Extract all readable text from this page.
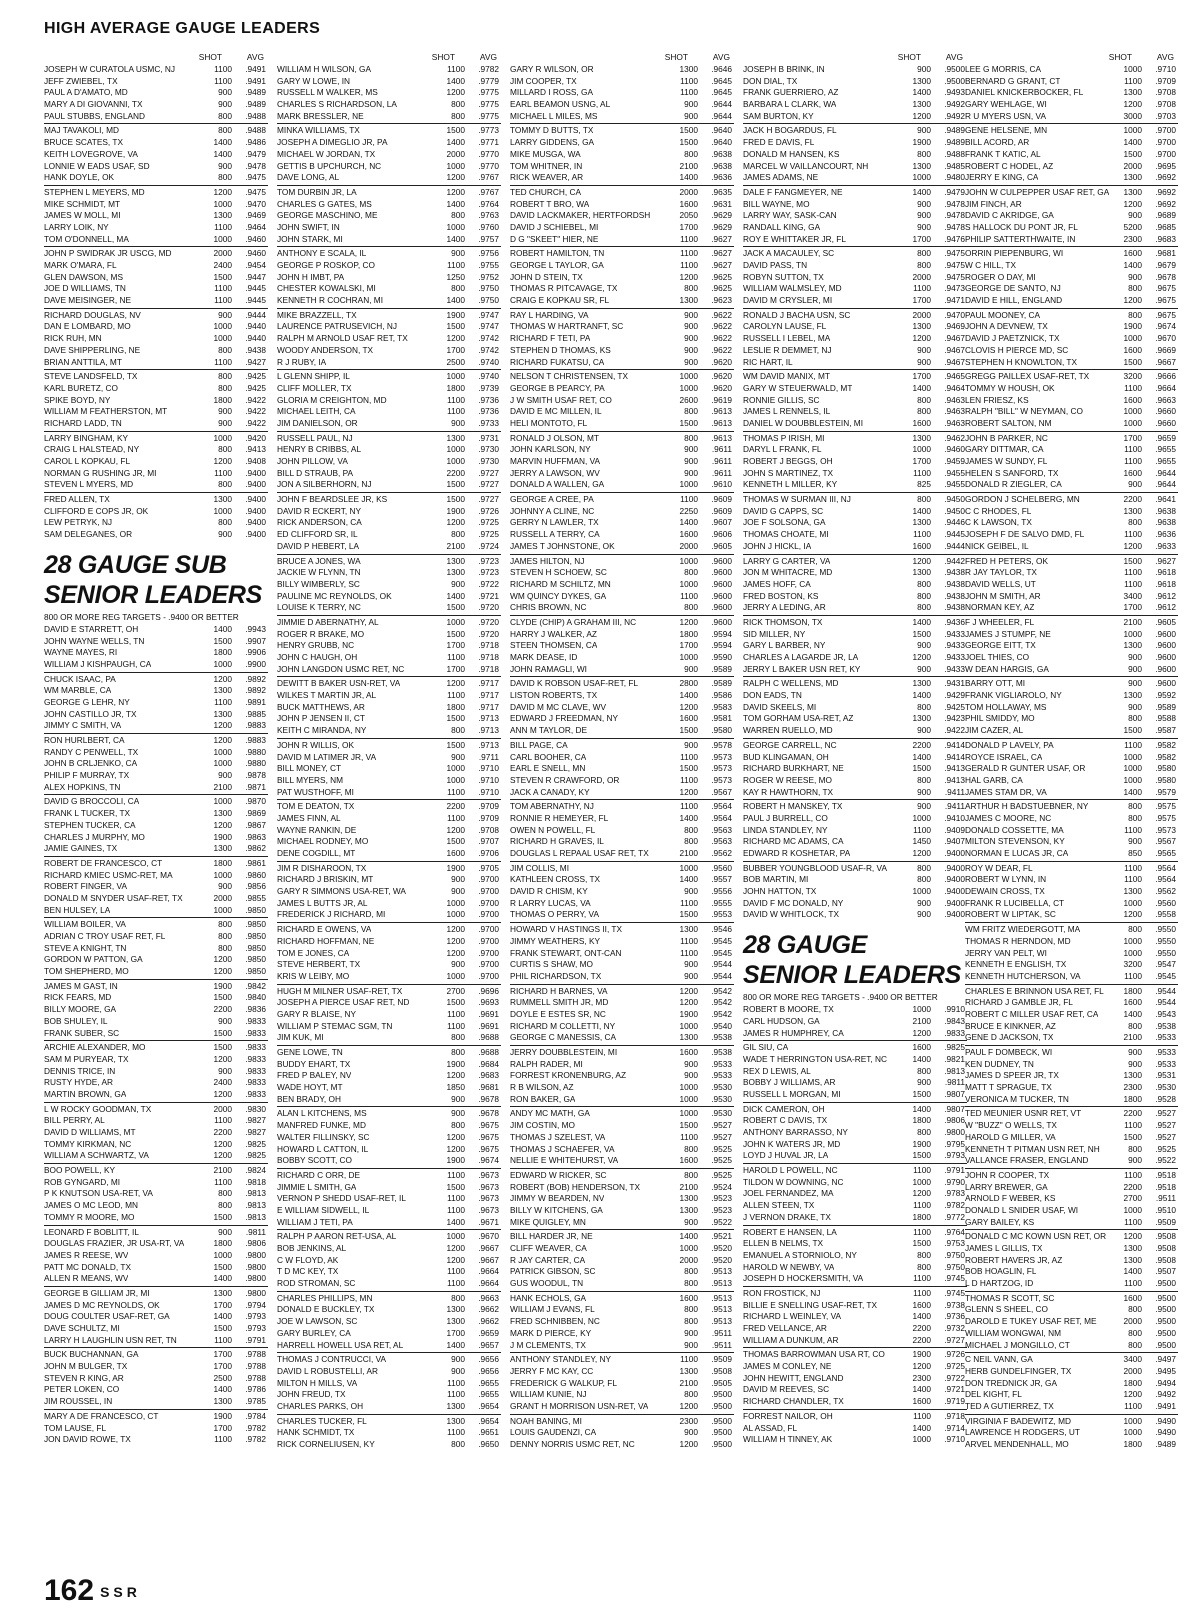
HIGH AVERAGE GAUGE LEADERS
SHOT	AVG
JOSEPH W CURATOLA USMC, NJ	1100	.9491
JEFF ZWIEBEL, TX	1100	.9491
PAUL A D'AMATO, MD	900	.9489
MARY A DI GIOVANNI, TX	900	.9489
PAUL STUBBS, ENGLAND	800	.9488
MAJ TAVAKOLI, MD	800	.9488
BRUCE SCATES, TX	1400	.9486
KEITH LOVEGROVE, VA	1400	.9479
LONNIE W EADS USAF, SD	900	.9478
HANK DOYLE, OK	800	.9475
STEPHEN L MEYERS, MD	1200	.9475
MIKE SCHMIDT, MT	1000	.9470
JAMES W MOLL, MI	1300	.9469
LARRY LOIK, NY	1100	.9464
TOM O'DONNELL, MA	1000	.9460
JOHN P SWIDRAK JR USCG, MD	2000	.9460
MARK O'MARA, FL	2400	.9454
GLEN DAWSON, MS	1500	.9447
JOE D WILLIAMS, TN	1100	.9445
DAVE MEISINGER, NE	1100	.9445
RICHARD DOUGLAS, NV	900	.9444
DAN E LOMBARD, MO	1000	.9440
RICK RUH, MN	1000	.9440
DAVE SHIPPERLING, NE	800	.9438
BRIAN ANTTILA, MT	1100	.9427
STEVE LANDSFELD, TX	800	.9425
KARL BURETZ, CO	800	.9425
SPIKE BOYD, NY	1800	.9422
WILLIAM M FEATHERSTON, MT	900	.9422
RICHARD LADD, TN	900	.9422
LARRY BINGHAM, KY	1000	.9420
CRAIG L HALSTEAD, NY	800	.9413
CAROL L KOPKAU, FL	1200	.9408
NORMAN G RUSHING JR, MI	1100	.9400
STEVEN L MYERS, MD	800	.9400
FRED ALLEN, TX	1300	.9400
CLIFFORD E COPS JR, OK	1000	.9400
LEW PETRYK, NJ	800	.9400
SAM DELEGANES, OR	900	.9400
28 GAUGE SUB
SENIOR LEADERS
800 OR MORE REG TARGETS - .9400 OR BETTER
DAVID E STARRETT, OH	1400	.9943
JOHN WAYNE WELLS, TN	1500	.9907
WAYNE MAYES, RI	1800	.9906
WILLIAM J KISHPAUGH, CA	1000	.9900
CHUCK ISAAC, PA	1200	.9892
WM MARBLE, CA	1300	.9892
GEORGE G LEHR, NY	1100	.9891
JOHN CASTILLO JR, TX	1300	.9885
JIMMY C SMITH, VA	1200	.9883
RON HURLBERT, CA	1200	.9883
RANDY C PENWELL, TX	1000	.9880
JOHN B CRLJENKO, CA	1000	.9880
PHILIP F MURRAY, TX	900	.9878
ALEX HOPKINS, TN	2100	.9871
DAVID G BROCCOLI, CA	1000	.9870
FRANK L TUCKER, TX	1300	.9869
STEPHEN TUCKER, CA	1200	.9867
CHARLES J MURPHY, MO	1900	.9863
JAMIE GAINES, TX	1300	.9862
ROBERT DE FRANCESCO, CT	1800	.9861
RICHARD KMIEC USMC-RET, MA	1000	.9860
ROBERT FINGER, VA	900	.9856
DONALD M SNYDER USAF-RET, TX	2000	.9855
BEN HULSEY, LA	1000	.9850
WILLIAM BOILER, VA	800	.9850
ADRIAN C TROY USAF RET, FL	800	.9850
STEVE A KNIGHT, TN	800	.9850
GORDON W PATTON, GA	1200	.9850
TOM SHEPHERD, MO	1200	.9850
JAMES M GAST, IN	1900	.9842
RICK FEARS, MD	1500	.9840
BILLY MOORE, GA	2200	.9836
BOB SHULEY, IL	900	.9833
FRANK SUBER, SC	1500	.9833
ARCHIE ALEXANDER, MO	1500	.9833
SAM M PURYEAR, TX	1200	.9833
DENNIS TRICE, IN	900	.9833
RUSTY HYDE, AR	2400	.9833
MARTIN BROWN, GA	1200	.9833
L W ROCKY GOODMAN, TX	2000	.9830
BILL PERRY, AL	1100	.9827
DAVID D WILLIAMS, MT	2200	.9827
TOMMY KIRKMAN, NC	1200	.9825
WILLIAM A SCHWARTZ, VA	1200	.9825
BOO POWELL, KY	2100	.9824
ROB GYNGARD, MI	1100	.9818
P K KNUTSON USA-RET, VA	800	.9813
JAMES O MC LEOD, MN	800	.9813
TOMMY R MOORE, MO	1500	.9813
LEONARD F BOBLITT, IL	900	.9811
DOUGLAS FRAZIER, JR USA-RT, VA	1800	.9806
JAMES R REESE, WV	1000	.9800
PATT MC DONALD, TX	1500	.9800
ALLEN R MEANS, WV	1400	.9800
GEORGE B GILLIAM JR, MI	1300	.9800
JAMES D MC REYNOLDS, OK	1700	.9794
DOUG COULTER USAF-RET, GA	1400	.9793
DAVE SCHULTZ, MI	1500	.9793
LARRY H LAUGHLIN USN RET, TN	1100	.9791
BUCK BUCHANNAN, GA	1700	.9788
JOHN M BULGER, TX	1700	.9788
STEVEN R KING, AR	2500	.9788
PETER LOKEN, CO	1400	.9786
JIM ROUSSEL, IN	1300	.9785
MARY A DE FRANCESCO, CT	1900	.9784
TOM LAUSE, FL	1700	.9782
JON DAVID ROWE, TX	1100	.9782
SHOT	AVG
WILLIAM H WILSON, GA	1100	.9782
GARY W LOWE, IN	1400	.9779
RUSSELL M WALKER, MS	1200	.9775
CHARLES S RICHARDSON, LA	800	.9775
MARK BRESSLER, NE	800	.9775
MINKA WILLIAMS, TX	1500	.9773
JOSEPH A DIMEGLIO JR, PA	1400	.9771
MICHAEL W JORDAN, TX	2000	.9770
GETTIS B UPCHURCH, NC	1000	.9770
DAVE LONG, AL	1200	.9767
TOM DURBIN JR, LA	1200	.9767
CHARLES G GATES, MS	1400	.9764
GEORGE MASCHINO, ME	800	.9763
JOHN SWIFT, IN	1000	.9760
JOHN STARK, MI	1400	.9757
ANTHONY E SCALA, IL	900	.9756
GEORGE P ROSKOP, CO	1100	.9755
JOHN H IMBT, PA	1250	.9752
CHESTER KOWALSKI, MI	800	.9750
KENNETH R COCHRAN, MI	1400	.9750
MIKE BRAZZELL, TX	1900	.9747
LAURENCE PATRUSEVICH, NJ	1500	.9747
RALPH M ARNOLD USAF RET, TX	1200	.9742
WOODY ANDERSON, TX	1700	.9742
R J RUBY, IA	2500	.9740
L GLENN SHIPP, IL	1000	.9740
CLIFF MOLLER, TX	1800	.9739
GLORIA M CREIGHTON, MD	1100	.9736
MICHAEL LEITH, CA	1100	.9736
JIM DANIELSON, OR	900	.9733
RUSSELL PAUL, NJ	1300	.9731
HENRY B CRIBBS, AL	1000	.9730
JOHN PILLOW, VA	1000	.9730
BILL D STRAUB, PA	2200	.9727
JON A SILBERHORN, NJ	1500	.9727
JOHN F BEARDSLEE JR, KS	1500	.9727
DAVID R ECKERT, NY	1900	.9726
RICK ANDERSON, CA	1200	.9725
ED CLIFFORD SR, IL	800	.9725
DAVID P HEBERT, LA	2100	.9724
BRUCE A JONES, WA	1300	.9723
JACKIE W FLYNN, TN	1300	.9723
BILLY WIMBERLY, SC	900	.9722
PAULINE MC REYNOLDS, OK	1400	.9721
LOUISE K TERRY, NC	1500	.9720
JIMMIE D ABERNATHY, AL	1000	.9720
ROGER R BRAKE, MO	1500	.9720
HENRY GRUBB, NC	1700	.9718
JOHN C HAUGH, OH	1100	.9718
JOHN LANGDON USMC RET, NC	1700	.9718
DEWITT B BAKER USN-RET, VA	1200	.9717
WILKES T MARTIN JR, AL	1100	.9717
BUCK MATTHEWS, AR	1800	.9717
JOHN P JENSEN II, CT	1500	.9713
KEITH C MIRANDA, NY	800	.9713
JOHN R WILLIS, OK	1500	.9713
DAVID M LATIMER JR, VA	900	.9711
BILL MONEY, CT	1000	.9710
BILL MYERS, NM	1000	.9710
PAT WUSTHOFF, MI	1100	.9710
TOM E DEATON, TX	2200	.9709
JAMES FINN, AL	1100	.9709
WAYNE RANKIN, DE	1200	.9708
MICHAEL RODNEY, MO	1500	.9707
DENE COGDILL, MT	1600	.9706
JIM R DISHAROON, TX	1900	.9705
RICHARD J BRISKIN, MT	900	.9700
GARY R SIMMONS USA-RET, WA	900	.9700
JAMES L BUTTS JR, AL	1000	.9700
FREDERICK J RICHARD, MI	1000	.9700
RICHARD E OWENS, VA	1200	.9700
RICHARD HOFFMAN, NE	1200	.9700
TOM E JONES, CA	1200	.9700
STEVE HERBERT, TX	900	.9700
KRIS W LEIBY, MO	1000	.9700
HUGH M MILNER USAF-RET, TX	2700	.9696
JOSEPH A PIERCE USAF RET, ND	1500	.9693
GARY R BLAISE, NY	1100	.9691
WILLIAM P STEMAC SGM, TN	1100	.9691
JIM KUK, MI	800	.9688
GENE LOWE, TN	800	.9688
BUDDY EHART, TX	1900	.9684
FRED P BALEY, NV	1200	.9683
WADE HOYT, MT	1850	.9681
BEN BRADY, OH	900	.9678
ALAN L KITCHENS, MS	900	.9678
MANFRED FUNKE, MD	800	.9675
WALTER FILLINSKY, SC	1200	.9675
HOWARD L CATTON, IL	1200	.9675
BOBBY SCOTT, CO	1900	.9674
RICHARD C ORR, DE	1100	.9673
JIMMIE L SMITH, GA	1500	.9673
VERNON P SHEDD USAF-RET, IL	1100	.9673
E WILLIAM SIDWELL, IL	1100	.9673
WILLIAM J TETI, PA	1400	.9671
RALPH P AARON RET-USA, AL	1000	.9670
BOB JENKINS, AL	1200	.9667
C W FLOYD, AK	1200	.9667
T D MC KEY, TX	1100	.9664
ROD STROMAN, SC	1100	.9664
CHARLES PHILLIPS, MN	800	.9663
DONALD E BUCKLEY, TX	1300	.9662
JOE W LAWSON, SC	1300	.9662
GARY BURLEY, CA	1700	.9659
HARRELL HOWELL USA RET, AL	1400	.9657
THOMAS J CONTRUCCI, VA	900	.9656
DAVID L ROBUSTELLI, AR	900	.9656
MILTON H MILLS, VA	1100	.9655
JOHN FREUD, TX	1100	.9655
CHARLES PARKS, OH	1300	.9654
CHARLES TUCKER, FL	1300	.9654
HANK SCHMIDT, TX	1100	.9651
RICK CORNELIUSEN, KY	800	.9650
SHOT	AVG
GARY R WILSON, OR	1300	.9646
JIM COOPER, TX	1100	.9645
MILLARD I ROSS, GA	1100	.9645
EARL BEAMON USNG, AL	900	.9644
MICHAEL L MILES, MS	900	.9644
TOMMY D BUTTS, TX	1500	.9640
LARRY GIDDENS, GA	1500	.9640
MIKE MUSGA, WA	800	.9638
TOM WHITNER, IN	2100	.9638
RICK WEAVER, AR	1400	.9636
TED CHURCH, CA	2000	.9635
ROBERT T BRO, WA	1600	.9631
DAVID LACKMAKER, HERTFORDSH	2050	.9629
DAVID J SCHIEBEL, MI	1700	.9629
D G "SKEET" HIER, NE	1100	.9627
ROBERT HAMILTON, TN	1100	.9627
GEORGE L TAYLOR, GA	1100	.9627
JOHN D STEIN, TX	1200	.9625
THOMAS R PITCAVAGE, TX	800	.9625
CRAIG E KOPKAU SR, FL	1300	.9623
RAY L HARDING, VA	900	.9622
THOMAS W HARTRANFT, SC	900	.9622
RICHARD F TETI, PA	900	.9622
STEPHEN D THOMAS, KS	900	.9622
RICHARD FUKATSU, CA	900	.9620
NELSON T CHRISTENSEN, TX	1000	.9620
GEORGE B PEARCY, PA	1000	.9620
J W SMITH USAF RET, CO	2600	.9619
DAVID E MC MILLEN, IL	800	.9613
HELI MONTOTO, FL	1500	.9613
RONALD J OLSON, MT	800	.9613
JOHN KARLSON, NY	900	.9611
MARVIN HUFFMAN, VA	900	.9611
JERRY A LAWSON, WV	900	.9611
DONALD A WALLEN, GA	1000	.9610
GEORGE A CREE, PA	1100	.9609
JOHNNY A CLINE, NC	2250	.9609
GERRY N LAWLER, TX	1400	.9607
RUSSELL A TERRY, CA	1600	.9606
JAMES T JOHNSTONE, OK	2000	.9605
JAMES HILTON, NJ	1000	.9600
STEVEN H SCHOEW, SC	800	.9600
RICHARD M SCHILTZ, MN	1000	.9600
WM QUINCY DYKES, GA	1100	.9600
CHRIS BROWN, NC	800	.9600
CLYDE (CHIP) A GRAHAM III, NC	1200	.9600
HARRY J WALKER, AZ	1800	.9594
STEEN THOMSEN, CA	1700	.9594
MARK DEASE, ID	1000	.9590
JOHN RAMAGLI, WI	900	.9589
DAVID K ROBSON USAF-RET, FL	2800	.9589
LISTON ROBERTS, TX	1400	.9586
DAVID M MC CLAVE, WV	1200	.9583
EDWARD J FREEDMAN, NY	1600	.9581
ANN M TAYLOR, DE	1500	.9580
BILL PAGE, CA	900	.9578
CARL BOOHER, CA	1100	.9573
EARL E SNELL, MN	1500	.9573
STEVEN R CRAWFORD, OR	1100	.9573
JACK A CANADY, KY	1200	.9567
TOM ABERNATHY, NJ	1100	.9564
RONNIE R HEMEYER, FL	1400	.9564
OWEN N POWELL, FL	800	.9563
RICHARD H GRAVES, IL	800	.9563
DOUGLAS L REPAAL USAF RET, TX	2100	.9562
JIM COLLIS, MI	1000	.9560
KATHLEEN CROSS, TX	1400	.9557
DAVID R CHISM, KY	900	.9556
R LARRY LUCAS, VA	1100	.9555
THOMAS O PERRY, VA	1500	.9553
HOWARD V HASTINGS II, TX	1300	.9546
JIMMY WEATHERS, KY	1100	.9545
FRANK STEWART, ONT-CAN	1100	.9545
CURTIS S SHAW, MO	900	.9544
PHIL RICHARDSON, TX	900	.9544
RICHARD H BARNES, VA	1200	.9542
RUMMELL SMITH JR, MD	1200	.9542
DOYLE E ESTES SR, NC	1900	.9542
RICHARD M COLLETTI, NY	1000	.9540
GEORGE C MANESSIS, CA	1300	.9538
JERRY DOUBBLESTEIN, MI	1600	.9538
RALPH RADER, MI	900	.9533
FORREST KRONENBURG, AZ	900	.9533
R B WILSON, AZ	1000	.9530
RON BAKER, GA	1000	.9530
ANDY MC MATH, GA	1000	.9530
JIM COSTIN, MO	1500	.9527
THOMAS J SZELEST, VA	1100	.9527
THOMAS J SCHAEFER, VA	800	.9525
NELLIE E WHITEHURST, VA	1600	.9525
EDWARD W RICKER, SC	800	.9525
ROBERT (BOB) HENDERSON, TX	2100	.9524
JIMMY W BEARDEN, NV	1300	.9523
BILLY W KITCHENS, GA	1300	.9523
MIKE QUIGLEY, MN	900	.9522
BILL HARDER JR, NE	1400	.9521
CLIFF WEAVER, CA	1000	.9520
R JAY CARTER, CA	2000	.9520
PATRICK GIBSON, SC	800	.9513
GUS WOODUL, TN	800	.9513
HANK ECHOLS, GA	1600	.9513
WILLIAM J EVANS, FL	800	.9513
FRED SCHNIBBEN, NC	800	.9513
MARK D PIERCE, KY	900	.9511
J M CLEMENTS, TX	900	.9511
ANTHONY STANDLEY, NY	1100	.9509
JERRY F MC KAY, CC	1300	.9508
FREDERICK G WALKUP, FL	2100	.9505
WILLIAM KUNIE, NJ	800	.9500
GRANT H MORRISON USN-RET, VA	1200	.9500
NOAH BANING, MI	2300	.9500
LOUIS GAUDENZI, CA	900	.9500
DENNY NORRIS USMC RET, NC	1200	.9500
SHOT	AVG
JOSEPH B BRINK, IN	900	.9500
DON DIAL, TX	1300	.9500
FRANK GUERRIERO, AZ	1400	.9493
BARBARA L CLARK, WA	1300	.9492
SAM BURTON, KY	1200	.9492
JACK H BOGARDUS, FL	900	.9489
FRED E DAVIS, FL	1900	.9489
DONALD M HANSEN, KS	800	.9488
MARCEL W VAILLANCOURT, NH	1300	.9485
JAMES ADAMS, NE	1000	.9480
DALE F FANGMEYER, NE	1400	.9479
BILL WAYNE, MO	900	.9478
LARRY WAY, SASK-CAN	900	.9478
RANDALL KING, GA	900	.9478
ROY E WHITTAKER JR, FL	1700	.9476
JACK A MACAULEY, SC	800	.9475
DAVID PASS, TN	800	.9475
ROBYN SUTTON, TX	2000	.9475
WILLIAM WALMSLEY, MD	1100	.9473
DAVID M CRYSLER, MI	1700	.9471
RONALD J BACHA USN, SC	2000	.9470
CAROLYN LAUSE, FL	1300	.9469
RUSSELL I LEBEL, MA	1200	.9467
LESLIE R DEMMET, NJ	900	.9467
RIC HART, IL	900	.9467
WM DAVID MANIX, MT	1700	.9465
GARY W STEUERWALD, MT	1400	.9464
RONNIE GILLIS, SC	800	.9463
JAMES L RENNELS, IL	800	.9463
DANIEL W DOUBBLESTEIN, MI	1600	.9463
THOMAS P IRISH, MI	1300	.9462
DARYL L FRANK, FL	1000	.9460
ROBERT J BEGGS, OH	1700	.9459
JOHN S MARTINEZ, TX	1100	.9455
KENNETH L MILLER, KY	825	.9455
THOMAS W SURMAN III, NJ	800	.9450
DAVID G CAPPS, SC	1400	.9450
JOE F SOLSONA, GA	1300	.9446
THOMAS CHOATE, MI	1100	.9445
JOHN J HICKL, IA	1600	.9444
LARRY G CARTER, VA	1200	.9442
JON M WHITACRE, MD	1300	.9438
JAMES HOFF, CA	800	.9438
FRED BOSTON, KS	800	.9438
JERRY A LEDING, AR	800	.9438
RICK THOMSON, TX	1400	.9436
SID MILLER, NY	1500	.9433
GARY L BARBER, NY	900	.9433
CHARLES A LAGARDE JR, LA	1200	.9433
JERRY L BAKER USN RET, KY	900	.9433
RALPH C WELLENS, MD	1300	.9431
DON EADS, TN	1400	.9429
DAVID SKEELS, MI	800	.9425
TOM GORHAM USA-RET, AZ	1300	.9423
WARREN RUELLO, MD	900	.9422
GEORGE CARRELL, NC	2200	.9414
BUD KLINGAMAN, OH	1400	.9414
RICHARD BURKHART, NE	1500	.9413
ROGER W REESE, MO	800	.9413
KAY R HAWTHORN, TX	900	.9411
ROBERT H MANSKEY, TX	900	.9411
PAUL J BURRELL, CO	1000	.9410
LINDA STANDLEY, NY	1100	.9409
RICHARD MC ADAMS, CA	1450	.9407
EDWARD R KOSHETAR, PA	1200	.9400
BUBBER YOUNGBLOOD USAF-R, VA	800	.9400
BOB MARTIN, MI	800	.9400
JOHN HATTON, TX	1000	.9400
DAVID F MC DONALD, NY	900	.9400
DAVID W WHITLOCK, TX	900	.9400
28 GAUGE
SENIOR LEADERS
800 OR MORE REG TARGETS - .9400 OR BETTER
ROBERT B MOORE, TX	1000	.9910
CARL HUDSON, GA	2100	.9843
JAMES R HUMPHREY, CA	1200	.9833
GIL SIU, CA	1600	.9825
WADE T HERRINGTON USA-RET, NC	1400	.9821
REX D LEWIS, AL	800	.9813
BOBBY J WILLIAMS, AR	900	.9811
RUSSELL L MORGAN, MI	1500	.9807
DICK CAMERON, OH	1400	.9807
ROBERT C DAVIS, TX	1800	.9806
ANTHONY BARRASSO, NY	800	.9800
JOHN K WATERS JR, MD	1900	.9795
LOYD J HUVAL JR, LA	1500	.9793
HAROLD L POWELL, NC	1100	.9791
TILDON W DOWNING, NC	1000	.9790
JOEL FERNANDEZ, MA	1200	.9783
ALLEN STEEN, TX	1100	.9782
J VERNON DRAKE, TX	1800	.9772
ROBERT E HANSEN, LA	1100	.9764
ELLEN B NELMS, TX	1500	.9753
EMANUEL A STORNIOLO, NY	800	.9750
HAROLD W NEWBY, VA	800	.9750
JOSEPH D HOCKERSMITH, VA	1100	.9745
RON FROSTICK, NJ	1100	.9745
BILLIE E SNELLING USAF-RET, TX	1600	.9738
RICHARD L WEINLEY, VA	1400	.9736
FRED VELLANCE, AR	2200	.9732
WILLIAM A DUNKUM, AR	2200	.9727
THOMAS BARROWMAN USA RT, CO	1900	.9726
JAMES M CONLEY, NE	1200	.9725
JOHN HEWITT, ENGLAND	2300	.9722
DAVID M REEVES, SC	1400	.9721
RICHARD CHANDLER, TX	1600	.9719
FORREST NAILOR, OH	1100	.9718
AL ASSAD, FL	1400	.9714
WILLIAM H TINNEY, AK	1000	.9710
SHOT	AVG
LEE G MORRIS, CA	1000	.9710
BERNARD G GRANT, CT	1100	.9709
DANIEL KNICKERBOCKER, FL	1300	.9708
GARY WEHLAGE, WI	1200	.9708
R U MYERS USN, VA	3000	.9703
GENE HELSENE, MN	1000	.9700
BILL ACORD, AR	1400	.9700
FRANK T KATIC, AL	1500	.9700
ROBERT C HODEL, AZ	2000	.9695
JERRY E KING, CA	1300	.9692
JOHN W CULPEPPER USAF RET, GA	1300	.9692
JIM FINCH, AR	1200	.9692
DAVID C AKRIDGE, GA	900	.9689
S HALLOCK DU PONT JR, FL	5200	.9685
PHILIP SATTERTHWAITE, IN	2300	.9683
ORRIN PIEPENBURG, WI	1600	.9681
W C HILL, TX	1400	.9679
ROGER O DAY, MI	900	.9678
GEORGE DE SANTO, NJ	800	.9675
DAVID E HILL, ENGLAND	1200	.9675
PAUL MOONEY, CA	800	.9675
JOHN A DEVNEW, TX	1900	.9674
DAVID J PAETZNICK, TX	1000	.9670
CLOVIS H PIERCE MD, SC	1600	.9669
STEPHEN H KNOWLTON, TX	1500	.9667
GREGG PAILLEX USAF-RET, TX	3200	.9666
TOMMY W HOUSH, OK	1100	.9664
LEN FRIESZ, KS	1600	.9663
RALPH "BILL" W NEYMAN, CO	1000	.9660
ROBERT SALTON, NM	1000	.9660
JOHN B PARKER, NC	1700	.9659
GARY DITTMAR, CA	1100	.9655
JAMES W SUNDY, FL	1100	.9655
HELEN S SANFORD, TX	1600	.9644
DONALD R ZIEGLER, CA	900	.9644
GORDON J SCHELBERG, MN	2200	.9641
C C RHODES, FL	1300	.9638
C K LAWSON, TX	800	.9638
JOSEPH F DE SALVO DMD, FL	1100	.9636
NICK GEIBEL, IL	1200	.9633
FRED H PETERS, OK	1500	.9627
R JAY TAYLOR, TX	1100	.9618
DAVID WELLS, UT	1100	.9618
JOHN M SMITH, AR	3400	.9612
NORMAN KEY, AZ	1700	.9612
F J WHEELER, FL	2100	.9605
JAMES J STUMPF, NE	1000	.9600
GEORGE EITT, TX	1300	.9600
JOEL THIES, CO	900	.9600
W DEAN HARGIS, GA	900	.9600
BARRY OTT, MI	900	.9600
FRANK VIGLIAROLO, NY	1300	.9592
TOM HOLLAWAY, MS	900	.9589
PHIL SMIDDY, MO	800	.9588
JIM CAZER, AL	1500	.9587
DONALD P LAVELY, PA	1100	.9582
ROYCE ISRAEL, CA	1000	.9582
GERALD R GUNTER USAF, OR	1000	.9580
HAL GARB, CA	1000	.9580
JAMES STAM DR, VA	1400	.9579
ARTHUR H BADSTUEBNER, NY	800	.9575
JAMES C MOORE, NC	800	.9575
DONALD COSSETTE, MA	1100	.9573
MILTON STEVENSON, KY	900	.9567
NORMAN E LUCAS JR, CA	850	.9565
ROY W DEAR, FL	1100	.9564
ROBERT W LYNN, IN	1100	.9564
DEWAIN CROSS, TX	1300	.9562
FRANK R LUCIBELLA, CT	1000	.9560
ROBERT W LIPTAK, SC	1200	.9558
WM FRITZ WIEDERGOTT, MA	800	.9550
THOMAS R HERNDON, MD	1000	.9550
JERRY VAN PELT, WI	1000	.9550
KENNETH E ENGLISH, TX	3200	.9547
KENNETH HUTCHERSON, VA	1100	.9545
CHARLES E BRINNON USA RET, FL	1800	.9544
RICHARD J GAMBLE JR, FL	1600	.9544
ROBERT C MILLER USAF RET, CA	1400	.9543
BRUCE E KINKNER, AZ	800	.9538
GENE D JACKSON, TX	2100	.9533
PAUL F DOMBECK, WI	900	.9533
KEN DUDNEY, TN	900	.9533
JAMES D SPEER JR, TX	1300	.9531
MATT T SPRAGUE, TX	2300	.9530
VERONICA M TUCKER, TN	1800	.9528
TED MEUNIER USNR RET, VT	2200	.9527
W "BUZZ" O WELLS, TX	1100	.9527
HAROLD G MILLER, VA	1500	.9527
KENNETH T PITMAN USN RET, NH	800	.9525
VALLANCE FRASER, ENGLAND	900	.9522
JOHN R COOPER, TX	1100	.9518
LARRY BREWER, GA	2200	.9518
ARNOLD F WEBER, KS	2700	.9511
DONALD L SNIDER USAF, WI	1000	.9510
GARY BAILEY, KS	1100	.9509
DONALD C MC KOWN USN RET, OR	1200	.9508
JAMES L GILLIS, TX	1300	.9508
ROBERT HAVERS JR, AZ	1300	.9508
BOB HOAGLIN, FL	1400	.9507
L D HARTZOG, ID	1100	.9500
THOMAS R SCOTT, SC	1600	.9500
GLENN S SHEEL, CO	800	.9500
DAROLD E TUKEY USAF RET, ME	2000	.9500
WILLIAM WONGWAI, NM	800	.9500
MICHAEL J MONGILLO, CT	800	.9500
C NEIL VANN, GA	3400	.9497
HERB GUNDELFINGER, TX	2000	.9495
DON TREDNICK JR, GA	1800	.9494
DEL KIGHT, FL	1200	.9492
TED A GUTIERREZ, TX	1100	.9491
VIRGINIA F BADEWITZ, MD	1000	.9490
LAWRENCE H RODGERS, UT	1000	.9490
ARVEL MENDENHALL, MO	1800	.9489
162 SSR
